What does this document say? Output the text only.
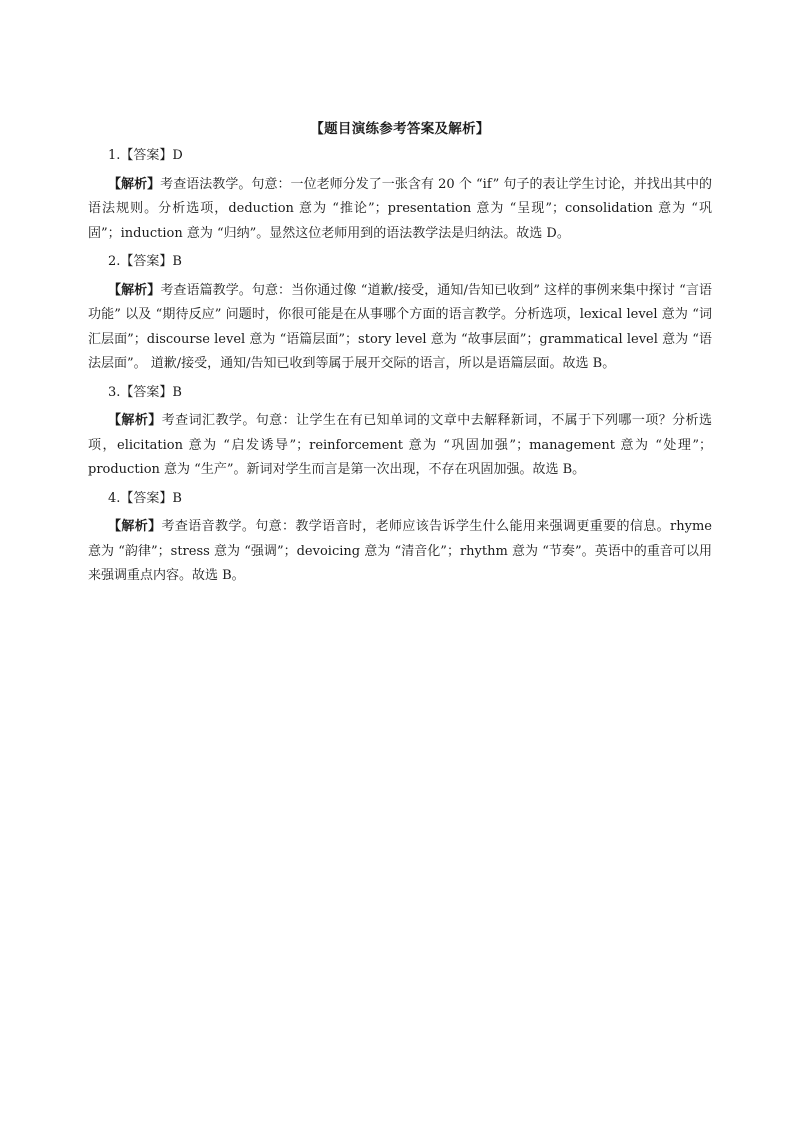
【题目演练参考答案及解析】
1.【答案】D
【解析】考查语法教学。句意：一位老师分发了一张含有 20 个 “if” 句子的表让学生讨论，并找出其中的语法规则。分析选项，deduction 意为 “推论”；presentation 意为 “呈现”；consolidation 意为 “巩固”；induction 意为 “归纳”。显然这位老师用到的语法教学法是归纳法。故选 D。
2.【答案】B
【解析】考查语篇教学。句意：当你通过像 “道歉/接受，通知/告知已收到” 这样的事例来集中探讨 “言语功能” 以及 “期待反应” 问题时，你很可能是在从事哪个方面的语言教学。分析选项，lexical level 意为 “词汇层面”；discourse level 意为 “语篇层面”；story level 意为 “故事层面”；grammatical level 意为 “语法层面”。 道歉/接受，通知/告知已收到等属于展开交际的语言，所以是语篇层面。故选 B。
3.【答案】B
【解析】考查词汇教学。句意：让学生在有已知单词的文章中去解释新词，不属于下列哪一项？分析选项，elicitation 意为 “启发诱导”；reinforcement 意为 “巩固加强”；management 意为 “处理”；production 意为 “生产”。新词对学生而言是第一次出现，不存在巩固加强。故选 B。
4.【答案】B
【解析】考查语音教学。句意：教学语音时，老师应该告诉学生什么能用来强调更重要的信息。rhyme 意为 “韵律”；stress 意为 “强调”；devoicing 意为 “清音化”；rhythm 意为 “节奏”。英语中的重音可以用来强调重点内容。故选 B。
